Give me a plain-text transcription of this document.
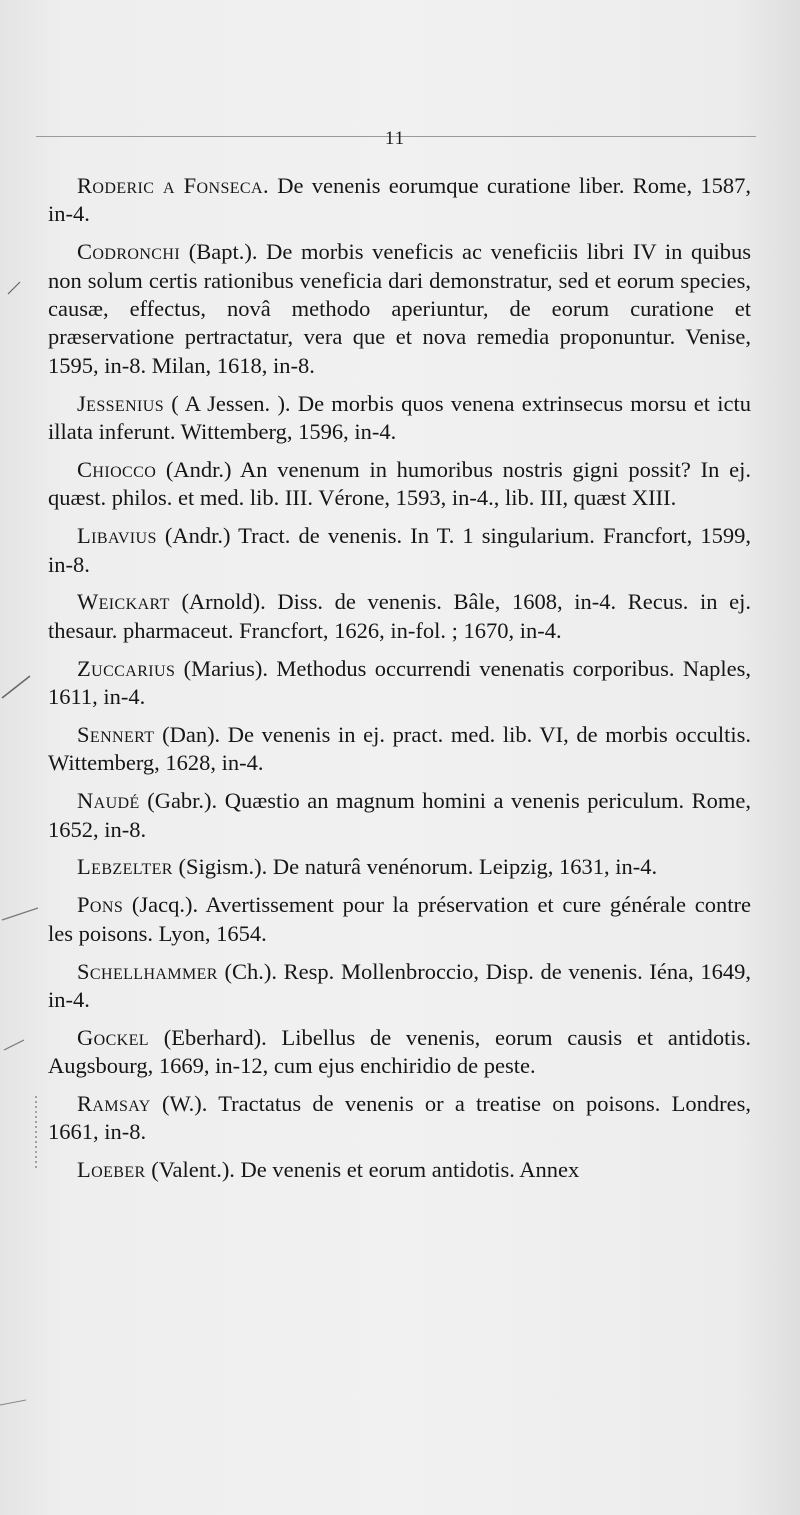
11

Roderic a Fonseca. De venenis eorumque curatione liber. Rome, 1587, in-4.

Codronchi (Bapt.). De morbis veneficis ac veneficiis libri IV in quibus non solum certis rationibus veneficia dari demonstratur, sed et eorum species, causæ, effectus, novâ methodo aperiuntur, de eorum curatione et præservatione pertractatur, vera que et nova remedia proponuntur. Venise, 1595, in-8. Milan, 1618, in-8.

Jessenius ( A Jessen. ). De morbis quos venena extrinsecus morsu et ictu illata inferunt. Wittemberg, 1596, in-4.

Chiocco (Andr.) An venenum in humoribus nostris gigni possit? In ej. quæst. philos. et med. lib. III. Vérone, 1593, in-4., lib. III, quæst XIII.

Libavius (Andr.) Tract. de venenis. In T. 1 singularium. Francfort, 1599, in-8.

Weickart (Arnold). Diss. de venenis. Bâle, 1608, in-4. Recus. in ej. thesaur. pharmaceut. Francfort, 1626, in-fol. ; 1670, in-4.

Zuccarius (Marius). Methodus occurrendi venenatis corporibus. Naples, 1611, in-4.

Sennert (Dan). De venenis in ej. pract. med. lib. VI, de morbis occultis. Wittemberg, 1628, in-4.

Naudé (Gabr.). Quæstio an magnum homini a venenis periculum. Rome, 1652, in-8.

Lebzelter (Sigism.). De naturâ venénorum. Leipzig, 1631, in-4.

Pons (Jacq.). Avertissement pour la préservation et cure générale contre les poisons. Lyon, 1654.

Schellhammer (Ch.). Resp. Mollenbroccio, Disp. de venenis. Iéna, 1649, in-4.

Gockel (Eberhard). Libellus de venenis, eorum causis et antidotis. Augsbourg, 1669, in-12, cum ejus enchiridio de peste.

Ramsay (W.). Tractatus de venenis or a treatise on poisons. Londres, 1661, in-8.

Loeber (Valent.). De venenis et eorum antidotis. Annex
